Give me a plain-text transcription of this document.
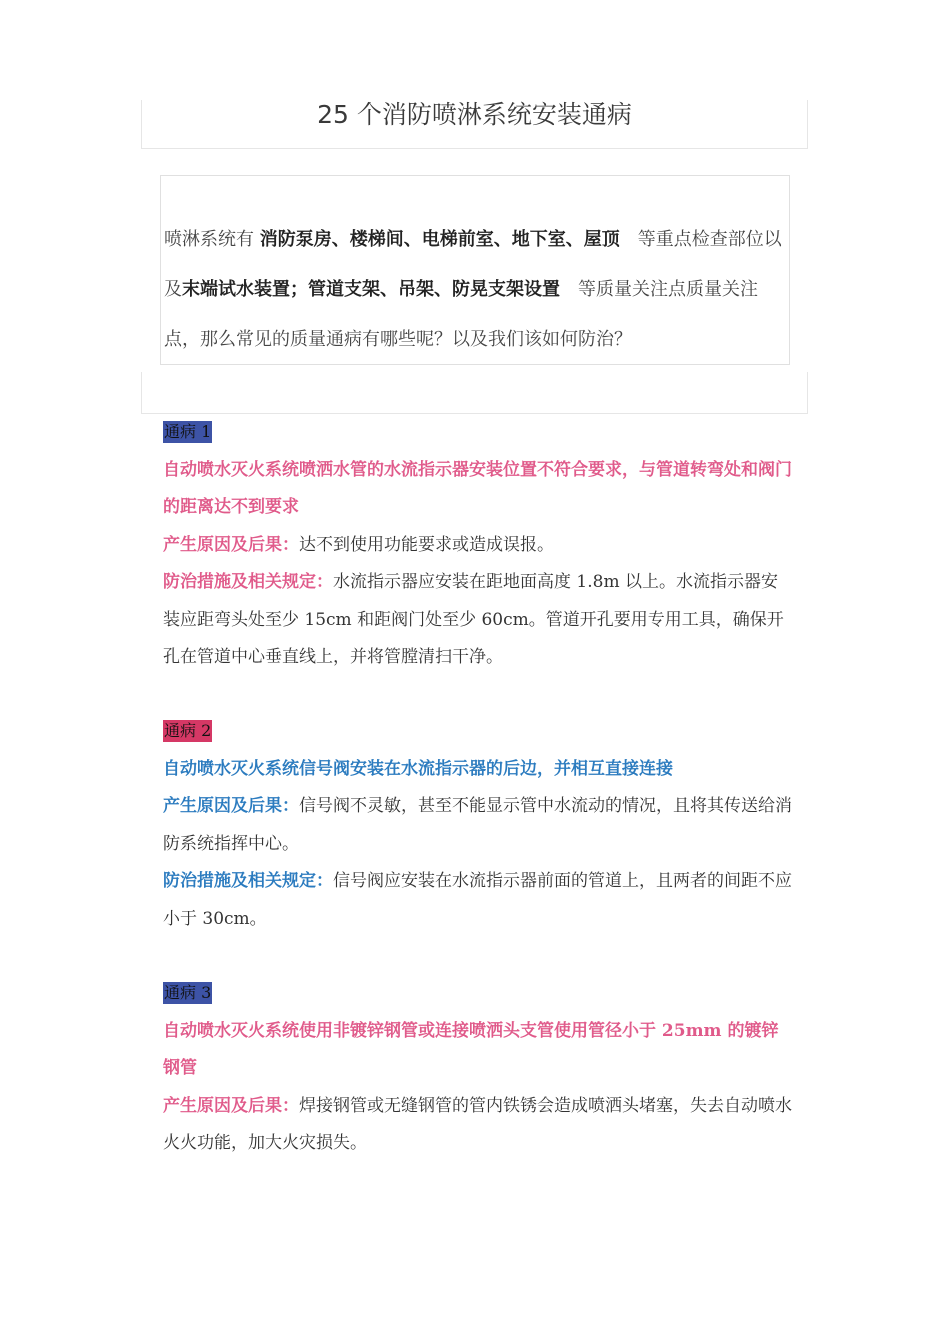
25 个消防喷淋系统安装通病
喷淋系统有 消防泵房、楼梯间、电梯前室、地下室、屋顶 等重点检查部位以及末端试水装置；管道支架、吊架、防晃支架设置 等质量关注点质量关注点，那么常见的质量通病有哪些呢？以及我们该如何防治？
通病 1

自动喷水灭火系统喷洒水管的水流指示器安装位置不符合要求，与管道转弯处和阀门的距离达不到要求

产生原因及后果：达不到使用功能要求或造成误报。

防治措施及相关规定：水流指示器应安装在距地面高度 1.8m 以上。水流指示器安装应距弯头处至少 15cm 和距阀门处至少 60cm。管道开孔要用专用工具，确保开孔在管道中心垂直线上，并将管膛清扫干净。

通病 2

自动喷水灭火系统信号阀安装在水流指示器的后边，并相互直接连接

产生原因及后果：信号阀不灵敏，甚至不能显示管中水流动的情况，且将其传送给消防系统指挥中心。

防治措施及相关规定：信号阀应安装在水流指示器前面的管道上，且两者的间距不应小于 30cm。

通病 3

自动喷水灭火系统使用非镀锌钢管或连接喷洒头支管使用管径小于 25mm 的镀锌钢管

产生原因及后果：焊接钢管或无缝钢管的管内铁锈会造成喷洒头堵塞，失去自动喷水火火功能，加大火灾损失。
